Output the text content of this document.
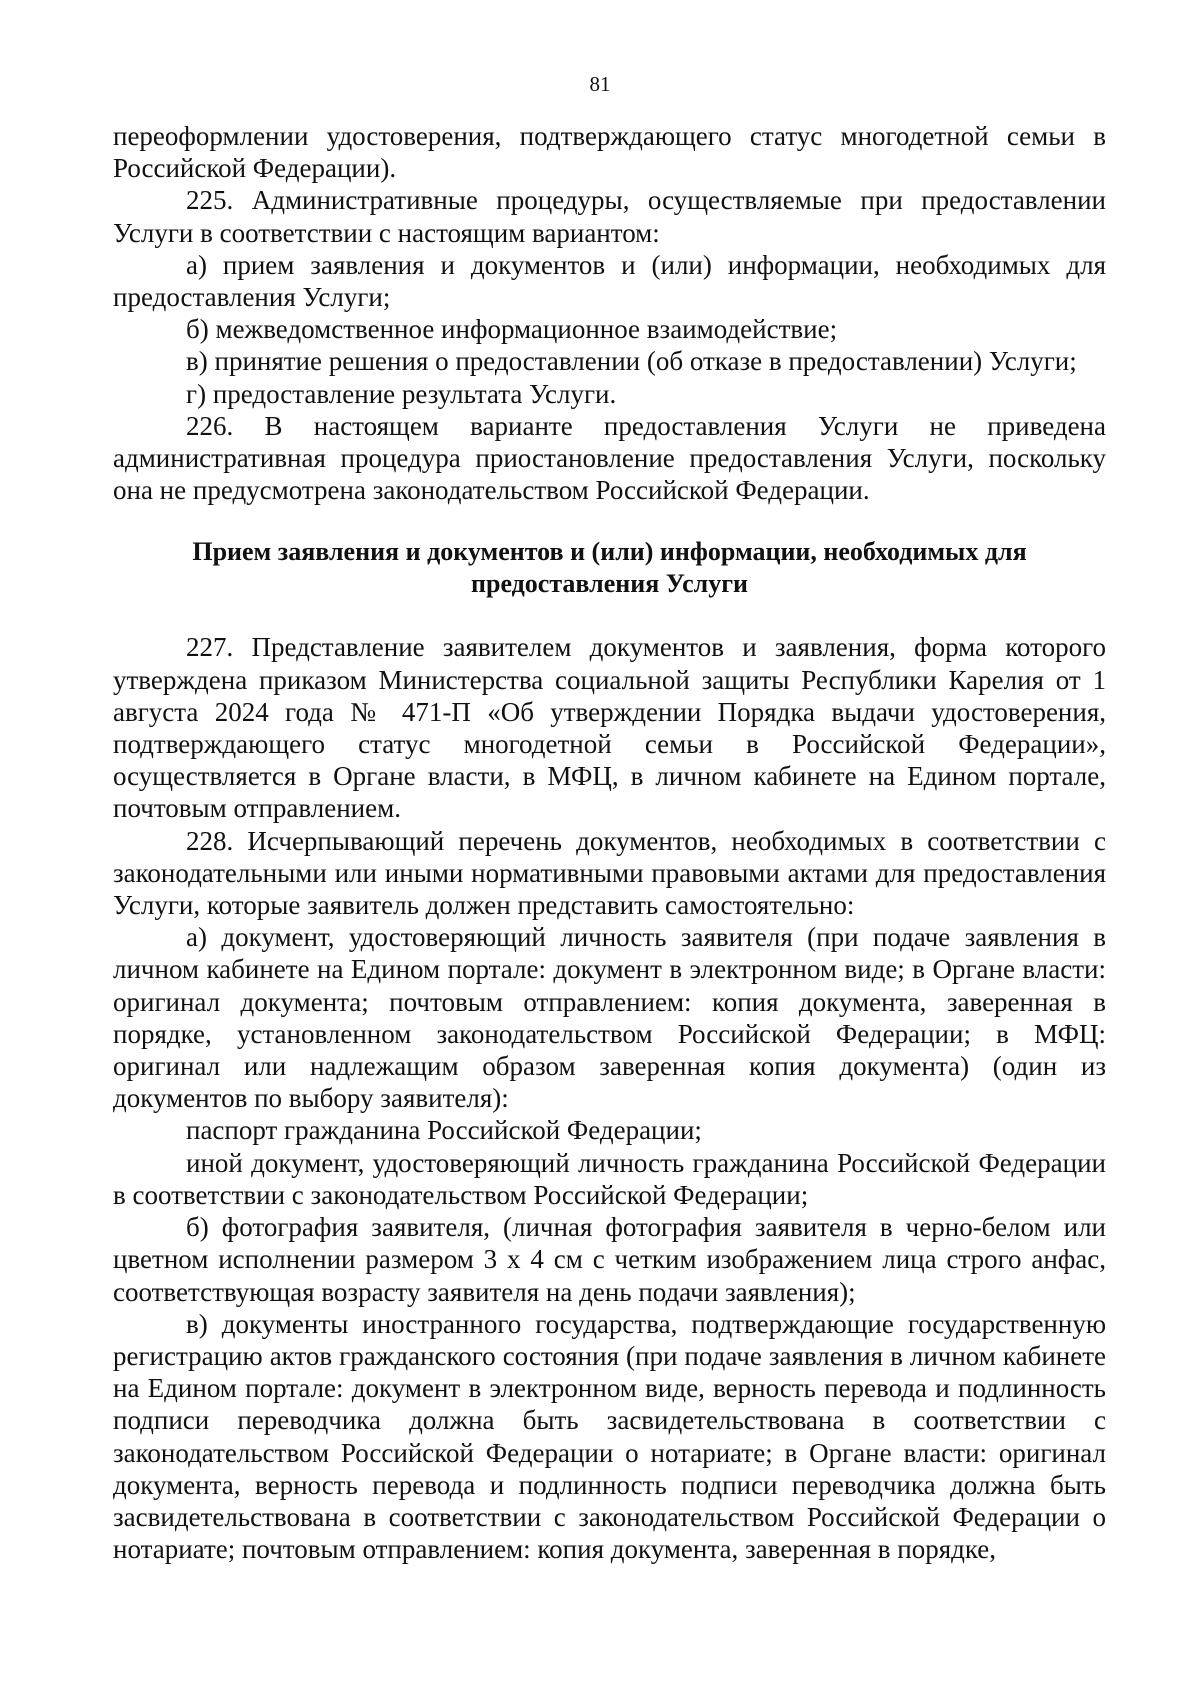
81

переоформлении удостоверения, подтверждающего статус многодетной семьи в Российской Федерации).

225. Административные процедуры, осуществляемые при предоставлении Услуги в соответствии с настоящим вариантом:

а) прием заявления и документов и (или) информации, необходимых для предоставления Услуги;

б) межведомственное информационное взаимодействие;

в) принятие решения о предоставлении (об отказе в предоставлении) Услуги;

г) предоставление результата Услуги.

226. В настоящем варианте предоставления Услуги не приведена административная процедура приостановление предоставления Услуги, поскольку она не предусмотрена законодательством Российской Федерации.

Прием заявления и документов и (или) информации, необходимых для
предоставления Услуги

227. Представление заявителем документов и заявления, форма которого утверждена приказом Министерства социальной защиты Республики Карелия от 1 августа 2024 года № 471-П «Об утверждении Порядка выдачи удостоверения, подтверждающего статус многодетной семьи в Российской Федерации», осуществляется в Органе власти, в МФЦ, в личном кабинете на Едином портале, почтовым отправлением.

228. Исчерпывающий перечень документов, необходимых в соответствии с законодательными или иными нормативными правовыми актами для предоставления Услуги, которые заявитель должен представить самостоятельно:

а) документ, удостоверяющий личность заявителя (при подаче заявления в личном кабинете на Едином портале: документ в электронном виде; в Органе власти: оригинал документа; почтовым отправлением: копия документа, заверенная в порядке, установленном законодательством Российской Федерации; в МФЦ: оригинал или надлежащим образом заверенная копия документа) (один из документов по выбору заявителя):

паспорт гражданина Российской Федерации;

иной документ, удостоверяющий личность гражданина Российской Федерации в соответствии с законодательством Российской Федерации;

б) фотография заявителя, (личная фотография заявителя в черно-белом или цветном исполнении размером 3 х 4 см с четким изображением лица строго анфас, соответствующая возрасту заявителя на день подачи заявления);

в) документы иностранного государства, подтверждающие государственную регистрацию актов гражданского состояния (при подаче заявления в личном кабинете на Едином портале: документ в электронном виде, верность перевода и подлинность подписи переводчика должна быть засвидетельствована в соответствии с законодательством Российской Федерации о нотариате; в Органе власти: оригинал документа, верность перевода и подлинность подписи переводчика должна быть засвидетельствована в соответствии с законодательством Российской Федерации о нотариате; почтовым отправлением: копия документа, заверенная в порядке,
